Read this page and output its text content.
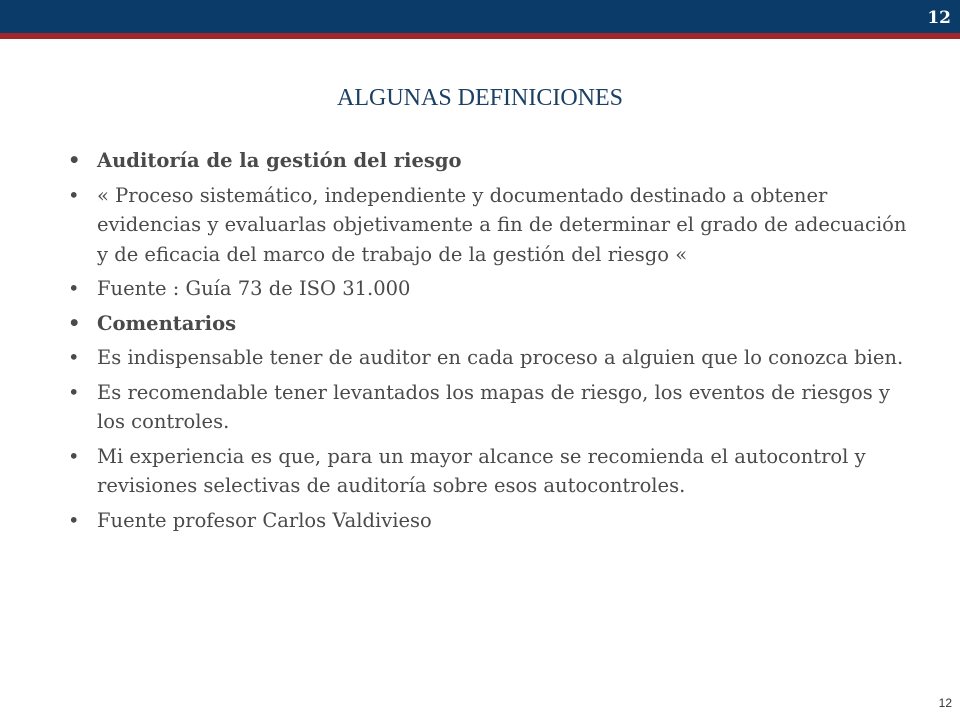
12
ALGUNAS DEFINICIONES
• Auditoría de la gestión del riesgo
• « Proceso sistemático, independiente y documentado destinado a obtener evidencias y evaluarlas objetivamente a fin de determinar el grado de adecuación y de eficacia del marco de trabajo de la gestión del riesgo «
• Fuente : Guía 73 de ISO 31.000
• Comentarios
• Es indispensable tener de auditor en cada proceso a alguien que lo conozca bien.
• Es recomendable tener levantados los mapas de riesgo, los eventos de riesgos y los controles.
• Mi experiencia es que, para un mayor alcance se recomienda el autocontrol y revisiones selectivas de auditoría sobre esos autocontroles.
• Fuente profesor Carlos Valdivieso
12
